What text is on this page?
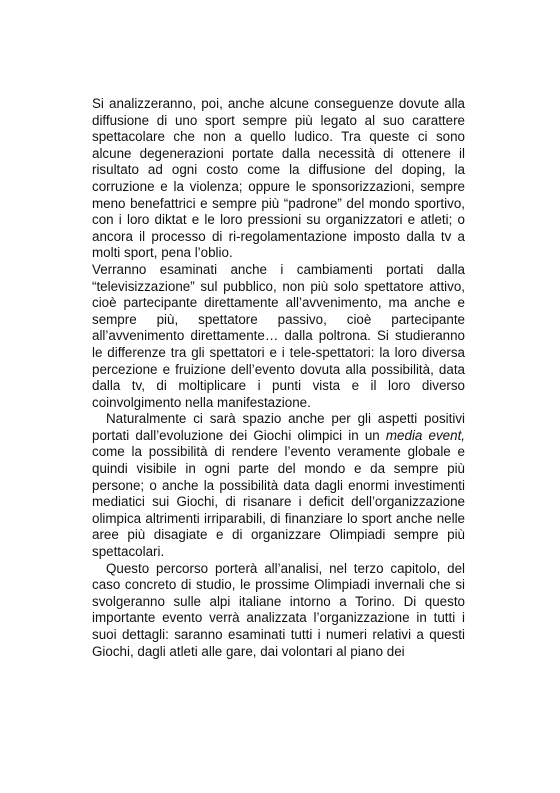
Si analizzeranno, poi, anche alcune conseguenze dovute alla diffusione di uno sport sempre più legato al suo carattere spettacolare che non a quello ludico. Tra queste ci sono alcune degenerazioni portate dalla necessità di ottenere il risultato ad ogni costo come la diffusione del doping, la corruzione e la violenza; oppure le sponsorizzazioni, sempre meno benefattrici e sempre più “padrone” del mondo sportivo, con i loro diktat e le loro pressioni su organizzatori e atleti; o ancora il processo di ri-regolamentazione imposto dalla tv a molti sport, pena l’oblio.

Verranno esaminati anche i cambiamenti portati dalla “televisizzazione” sul pubblico, non più solo spettatore attivo, cioè partecipante direttamente all’avvenimento, ma anche e sempre più, spettatore passivo, cioè partecipante all’avvenimento direttamente… dalla poltrona. Si studieranno le differenze tra gli spettatori e i tele-spettatori: la loro diversa percezione e fruizione dell’evento dovuta alla possibilità, data dalla tv, di moltiplicare i punti vista e il loro diverso coinvolgimento nella manifestazione.

Naturalmente ci sarà spazio anche per gli aspetti positivi portati dall’evoluzione dei Giochi olimpici in un media event, come la possibilità di rendere l’evento veramente globale e quindi visibile in ogni parte del mondo e da sempre più persone; o anche la possibilità data dagli enormi investimenti mediatici sui Giochi, di risanare i deficit dell’organizzazione olimpica altrimenti irriparabili, di finanziare lo sport anche nelle aree più disagiate e di organizzare Olimpiadi sempre più spettacolari.

Questo percorso porterà all’analisi, nel terzo capitolo, del caso concreto di studio, le prossime Olimpiadi invernali che si svolgeranno sulle alpi italiane intorno a Torino. Di questo importante evento verrà analizzata l’organizzazione in tutti i suoi dettagli: saranno esaminati tutti i numeri relativi a questi Giochi, dagli atleti alle gare, dai volontari al piano dei
